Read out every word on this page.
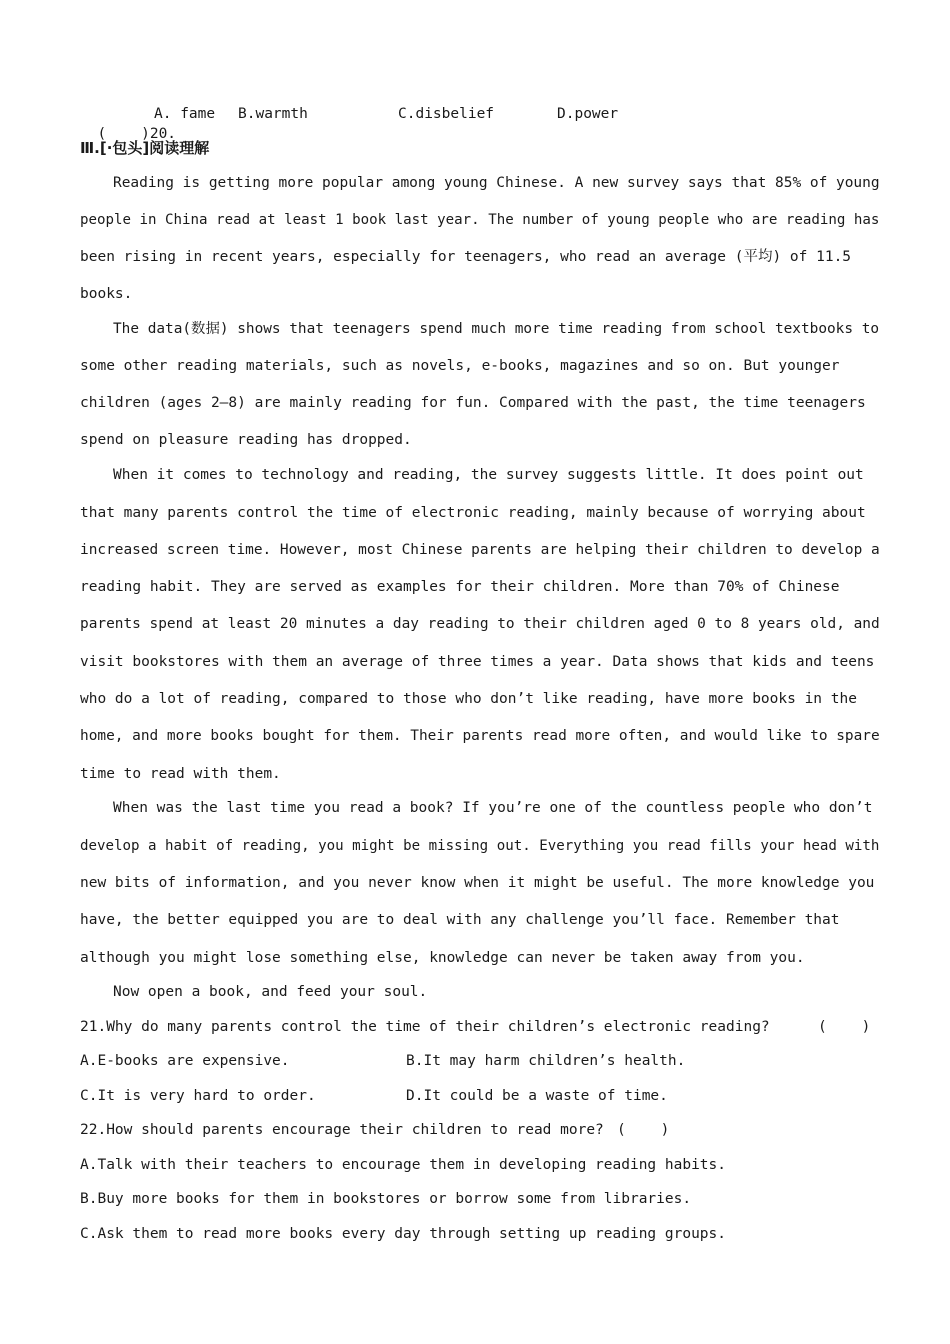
(    )20.

A. fame B.warmth	C.disbelief	D.power
Ⅲ.[·包头]阅读理解
Reading is getting more popular among young Chinese. A new survey says that 85% of young
people in China read at least 1 book last year. The number of young people who are reading has
been rising in recent years, especially for teenagers, who read an average (平均) of 11.5
books.
The data(数据) shows that teenagers spend much more time reading from school textbooks to
some other reading materials, such as novels, e-books, magazines and so on. But younger
children (ages 2—8) are mainly reading for fun. Compared with the past, the time teenagers
spend on pleasure reading has dropped.
When it comes to technology and reading, the survey suggests little. It does point out
that many parents control the time of electronic reading, mainly because of worrying about
increased screen time. However, most Chinese parents are helping their children to develop a
reading habit. They are served as examples for their children. More than 70% of Chinese
parents spend at least 20 minutes a day reading to their children aged 0 to 8 years old, and
visit bookstores with them an average of three times a year. Data shows that kids and teens
who do a lot of reading, compared to those who don’t like reading, have more books in the
home, and more books bought for them. Their parents read more often, and would like to spare
time to read with them.
When was the last time you read a book? If you’re one of the countless people who don’t
develop a habit of reading, you might be missing out. Everything you read fills your head with
new bits of information, and you never know when it might be useful. The more knowledge you
have, the better equipped you are to deal with any challenge you’ll face. Remember that
although you might lose something else, knowledge can never be taken away from you.
Now open a book, and feed your soul.
21.Why do many parents control the time of their children’s electronic reading?	(    )
A.E-books are expensive.	B.It may harm children’s health.
C.It is very hard to order.	D.It could be a waste of time.
22.How should parents encourage their children to read more? (    )
A.Talk with their teachers to encourage them in developing reading habits.
B.Buy more books for them in bookstores or borrow some from libraries.
C.Ask them to read more books every day through setting up reading groups.
